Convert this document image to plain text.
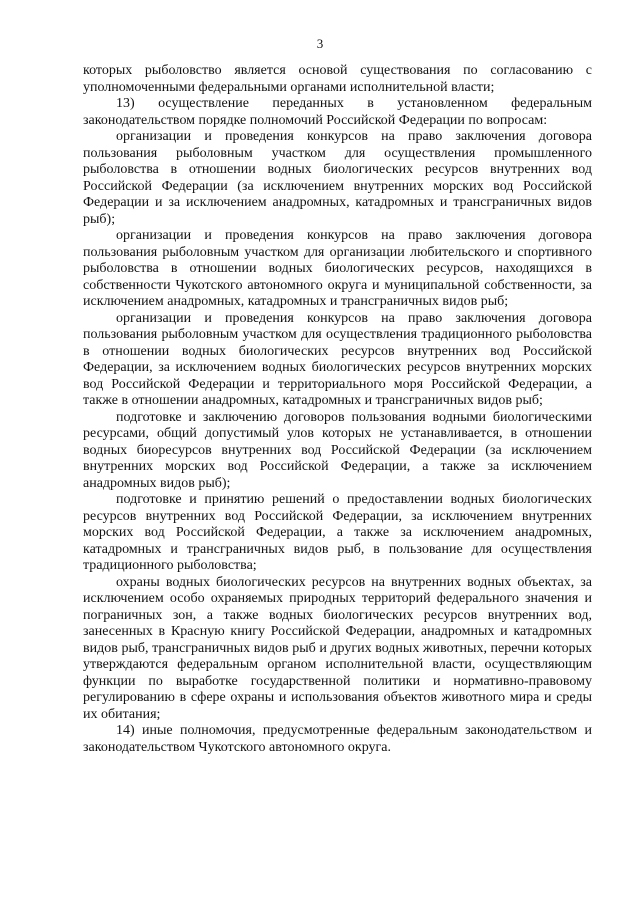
3

которых рыболовство является основой существования по согласованию с уполномоченными федеральными органами исполнительной власти;

13) осуществление переданных в установленном федеральным законодательством порядке полномочий Российской Федерации по вопросам:

организации и проведения конкурсов на право заключения договора пользования рыболовным участком для осуществления промышленного рыболовства в отношении водных биологических ресурсов внутренних вод Российской Федерации (за исключением внутренних морских вод Российской Федерации и за исключением анадромных, катадромных и трансграничных видов рыб);

организации и проведения конкурсов на право заключения договора пользования рыболовным участком для организации любительского и спортивного рыболовства в отношении водных биологических ресурсов, находящихся в собственности Чукотского автономного округа и муниципальной собственности, за исключением анадромных, катадромных и трансграничных видов рыб;

организации и проведения конкурсов на право заключения договора пользования рыболовным участком для осуществления традиционного рыболовства в отношении водных биологических ресурсов внутренних вод Российской Федерации, за исключением водных биологических ресурсов внутренних морских вод Российской Федерации и территориального моря Российской Федерации, а также в отношении анадромных, катадромных и трансграничных видов рыб;

подготовке и заключению договоров пользования водными биологическими ресурсами, общий допустимый улов которых не устанавливается, в отношении водных биоресурсов внутренних вод Российской Федерации (за исключением внутренних морских вод Российской Федерации, а также за исключением анадромных видов рыб);

подготовке и принятию решений о предоставлении водных биологических ресурсов внутренних вод Российской Федерации, за исключением внутренних морских вод Российской Федерации, а также за исключением анадромных, катадромных и трансграничных видов рыб, в пользование для осуществления традиционного рыболовства;

охраны водных биологических ресурсов на внутренних водных объектах, за исключением особо охраняемых природных территорий федерального значения и пограничных зон, а также водных биологических ресурсов внутренних вод, занесенных в Красную книгу Российской Федерации, анадромных и катадромных видов рыб, трансграничных видов рыб и других водных животных, перечни которых утверждаются федеральным органом исполнительной власти, осуществляющим функции по выработке государственной политики и нормативно-правовому регулированию в сфере охраны и использования объектов животного мира и среды их обитания;

14) иные полномочия, предусмотренные федеральным законодательством и законодательством Чукотского автономного округа.
